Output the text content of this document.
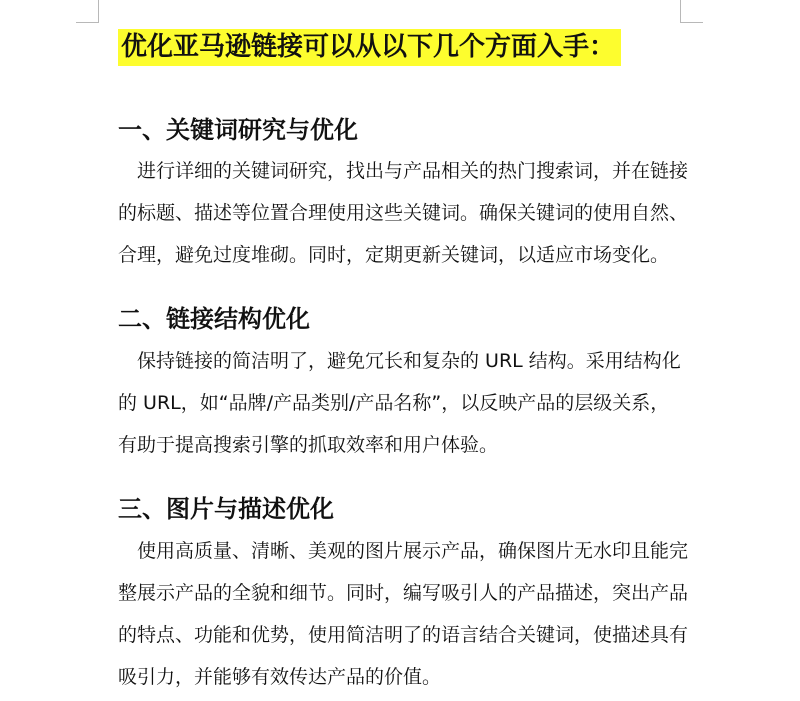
优化亚马逊链接可以从以下几个方面入手：
一、关键词研究与优化
进行详细的关键词研究，找出与产品相关的热门搜索词，并在链接
的标题、描述等位置合理使用这些关键词。确保关键词的使用自然、
合理，避免过度堆砌。同时，定期更新关键词，以适应市场变化。
二、链接结构优化
保持链接的简洁明了，避免冗长和复杂的 URL 结构。采用结构化
的 URL，如“品牌/产品类别/产品名称”，以反映产品的层级关系，
有助于提高搜索引擎的抓取效率和用户体验。
三、图片与描述优化
使用高质量、清晰、美观的图片展示产品，确保图片无水印且能完
整展示产品的全貌和细节。同时，编写吸引人的产品描述，突出产品
的特点、功能和优势，使用简洁明了的语言结合关键词，使描述具有
吸引力，并能够有效传达产品的价值。
